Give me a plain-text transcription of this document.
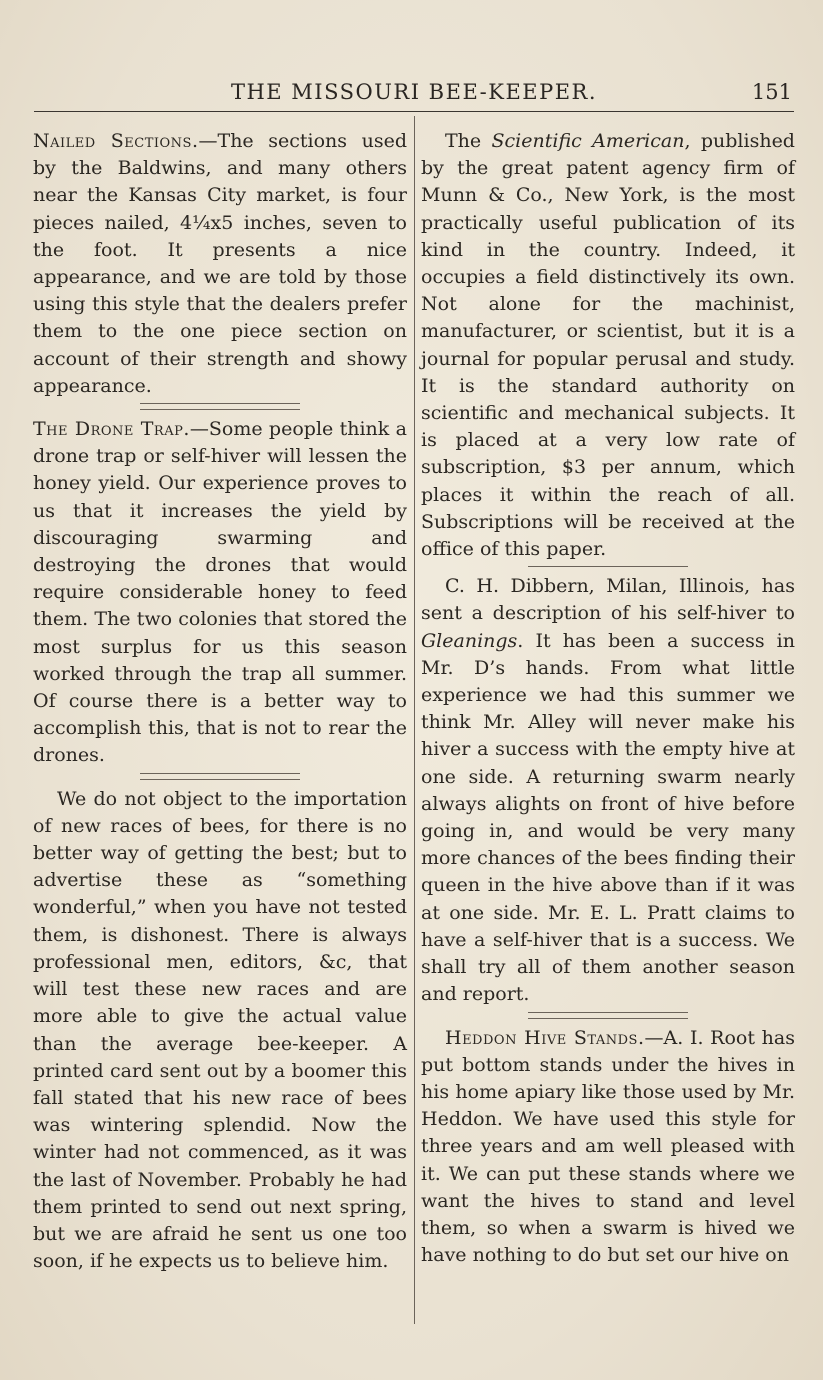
THE MISSOURI BEE-KEEPER.	151

Nailed Sections.—The sections used by the Baldwins, and many others near the Kansas City market, is four pieces nailed, 4¼x5 inches, seven to the foot. It presents a nice appearance, and we are told by those using this style that the dealers prefer them to the one piece section on account of their strength and showy appearance.

The Drone Trap.—Some people think a drone trap or self-hiver will lessen the honey yield. Our experience proves to us that it increases the yield by discouraging swarming and destroying the drones that would require considerable honey to feed them. The two colonies that stored the most surplus for us this season worked through the trap all summer. Of course there is a better way to accomplish this, that is not to rear the drones.

We do not object to the importation of new races of bees, for there is no better way of getting the best; but to advertise these as “something wonderful,” when you have not tested them, is dishonest. There is always professional men, editors, &c, that will test these new races and are more able to give the actual value than the average bee-keeper. A printed card sent out by a boomer this fall stated that his new race of bees was wintering splendid. Now the winter had not commenced, as it was the last of November. Probably he had them printed to send out next spring, but we are afraid he sent us one too soon, if he expects us to believe him.

The Scientific American, published by the great patent agency firm of Munn & Co., New York, is the most practically useful publication of its kind in the country. Indeed, it occupies a field distinctively its own. Not alone for the machinist, manufacturer, or scientist, but it is a journal for popular perusal and study. It is the standard authority on scientific and mechanical subjects. It is placed at a very low rate of subscription, $3 per annum, which places it within the reach of all. Subscriptions will be received at the office of this paper.

C. H. Dibbern, Milan, Illinois, has sent a description of his self-hiver to Gleanings. It has been a success in Mr. D’s hands. From what little experience we had this summer we think Mr. Alley will never make his hiver a success with the empty hive at one side. A returning swarm nearly always alights on front of hive before going in, and would be very many more chances of the bees finding their queen in the hive above than if it was at one side. Mr. E. L. Pratt claims to have a self-hiver that is a success. We shall try all of them another season and report.

Heddon Hive Stands.—A. I. Root has put bottom stands under the hives in his home apiary like those used by Mr. Heddon. We have used this style for three years and am well pleased with it. We can put these stands where we want the hives to stand and level them, so when a swarm is hived we have nothing to do but set our hive on
